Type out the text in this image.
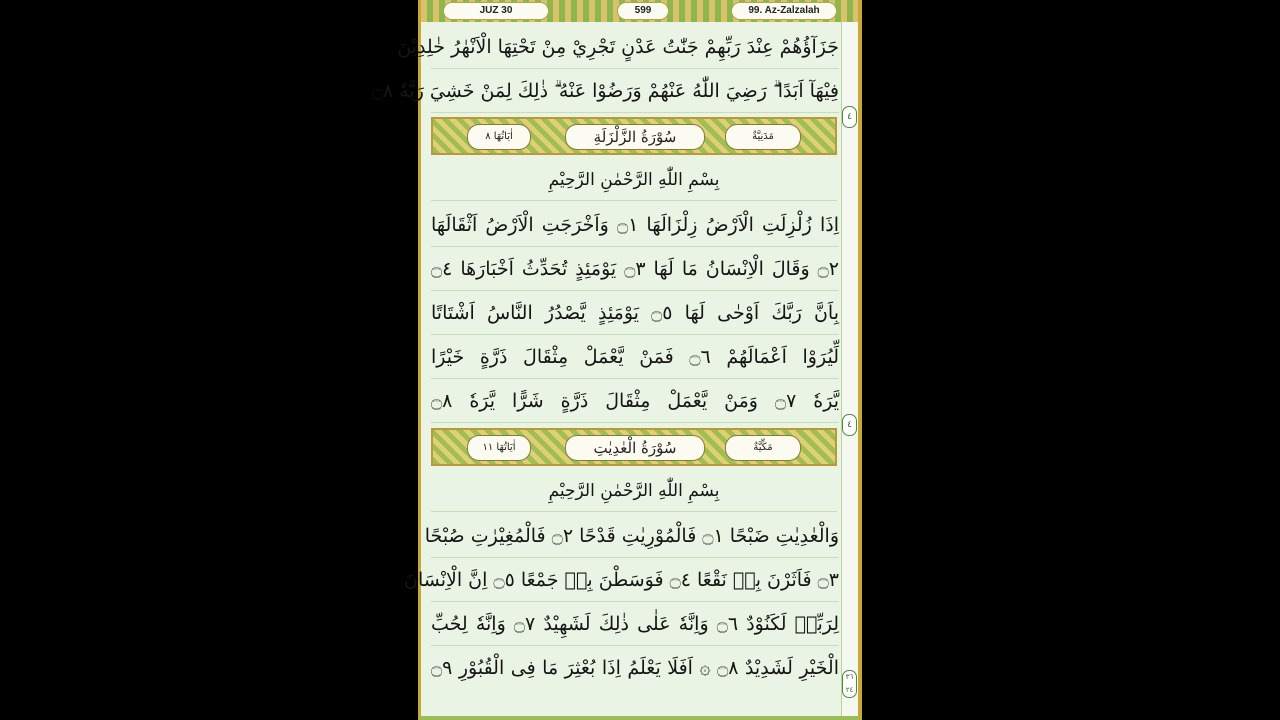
JUZ 30	599	99. Az-Zalzalah
٤
٤
٣٦ ٢٤
جَزَآؤُهُمْ عِنْدَ رَبِّهِمْ جَنّٰتُ عَدْنٍ تَجْرِيْ مِنْ تَحْتِهَا الْاَنْهٰرُ خٰلِدِيْنَ
فِيْهَآ اَبَدًا ۗ رَضِيَ اللّٰهُ عَنْهُمْ وَرَضُوْا عَنْهُ ۗ ذٰلِكَ لِمَنْ خَشِيَ رَبَّهٗ ۝٨
اٰيَاتُهَا ٨	سُوْرَةُ الزَّلْزَلَةِ	مَدَنِيَّةٌ
بِسْمِ اللّٰهِ الرَّحْمٰنِ الرَّحِيْمِ
اِذَا زُلْزِلَتِ الْاَرْضُ زِلْزَالَهَا ۝١ وَاَخْرَجَتِ الْاَرْضُ اَثْقَالَهَا
۝٢ وَقَالَ الْاِنْسَانُ مَا لَهَا ۝٣ يَوْمَئِذٍ تُحَدِّثُ اَخْبَارَهَا ۝٤
بِاَنَّ رَبَّكَ اَوْحٰى لَهَا ۝٥ يَوْمَئِذٍ يَّصْدُرُ النَّاسُ اَشْتَاتًا
لِّيُرَوْا اَعْمَالَهُمْ ۝٦ فَمَنْ يَّعْمَلْ مِثْقَالَ ذَرَّةٍ خَيْرًا
يَّرَهٗ ۝٧ وَمَنْ يَّعْمَلْ مِثْقَالَ ذَرَّةٍ شَرًّا يَّرَهٗ ۝٨
اٰيَاتُهَا ١١	سُوْرَةُ الْعٰدِيٰتِ	مَكِّيَّةٌ
بِسْمِ اللّٰهِ الرَّحْمٰنِ الرَّحِيْمِ
وَالْعٰدِيٰتِ ضَبْحًا ۝١ فَالْمُوْرِيٰتِ قَدْحًا ۝٢ فَالْمُغِيْرٰتِ صُبْحًا
۝٣ فَاَثَرْنَ بِهٖ نَقْعًا ۝٤ فَوَسَطْنَ بِهٖ جَمْعًا ۝٥ اِنَّ الْاِنْسَانَ
لِرَبِّهٖ لَكَنُوْدٌ ۝٦ وَاِنَّهٗ عَلٰى ذٰلِكَ لَشَهِيْدٌ ۝٧ وَاِنَّهٗ لِحُبِّ
الْخَيْرِ لَشَدِيْدٌ ۝٨ ۞ اَفَلَا يَعْلَمُ اِذَا بُعْثِرَ مَا فِى الْقُبُوْرِ ۝٩
